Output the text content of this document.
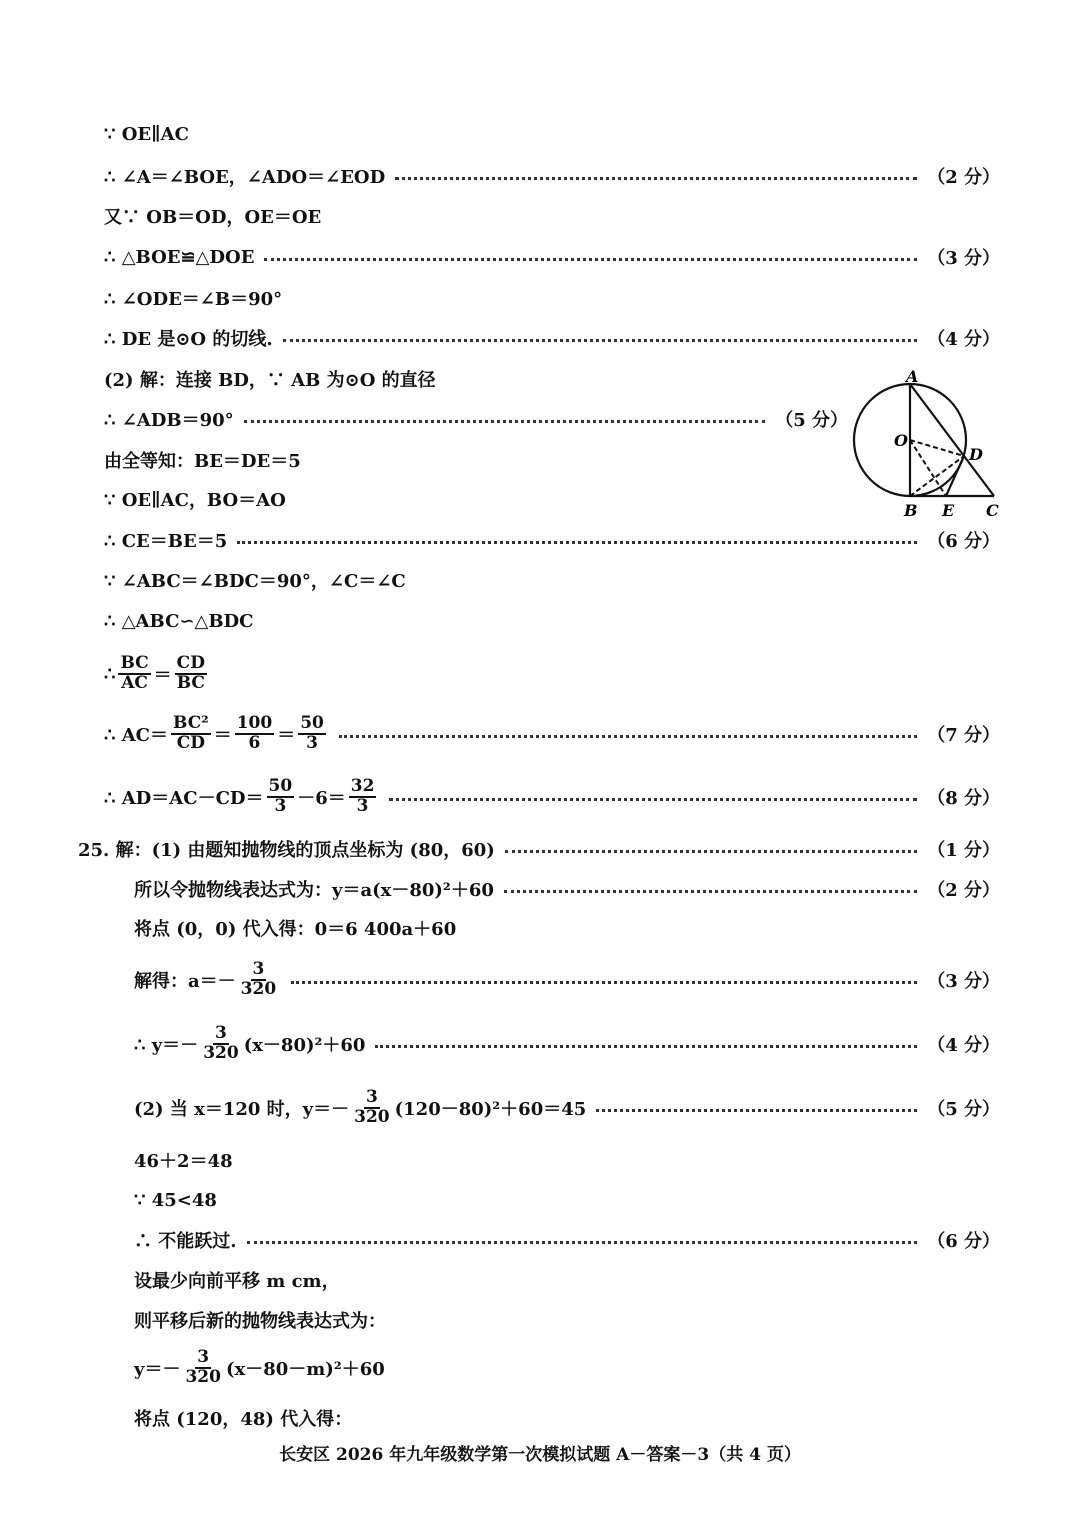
∵ OE∥AC
∴ ∠A＝∠BOE，∠ADO＝∠EOD	（2 分）
又∵ OB＝OD，OE＝OE
∴ △BOE≌△DOE	（3 分）
∴ ∠ODE＝∠B＝90°
∴ DE 是⊙O 的切线.	（4 分）
(2) 解：连接 BD，∵ AB 为⊙O 的直径
∴ ∠ADB＝90°	（5 分）
由全等知：BE＝DE＝5
∵ OE∥AC，BO＝AO
∴ CE＝BE＝5	（6 分）
∵ ∠ABC＝∠BDC＝90°，∠C＝∠C
∴ △ABC∽△BDC
∴ $\frac{BC}{AC} = \frac{CD}{BC}$
∴ $AC= \frac{\text{BC²}}{CD} = \frac{100}{6} = \frac{50}{3}$	（7 分）
∴ $AD=AC-CD= \frac{50}{3} -6= \frac{32}{3}$	（8 分）
25. 解：(1) 由题知抛物线的顶点坐标为 (80，60)	（1 分）
所以令抛物线表达式为：y＝a(x－80)²＋60	（2 分）
将点 (0，0) 代入得：0＝6 400a＋60
解得：$a=- \frac{3}{320}$	（3 分）
∴ $y=- \frac{3}{320} (x-80)^2+60$	（4 分）
(2) 当 x＝120 时，$y=- \frac{3}{320} (120-80)^2+60=45$	（5 分）
46＋2＝48
∵ 45<48
∴ 不能跃过.	（6 分）
设最少向前平移 m cm，
则平移后新的抛物线表达式为：
$y=- \frac{3}{320} (x-80-m)^2+60$
将点 (120，48) 代入得：
A
O
D
B E C
长安区 2026 年九年级数学第一次模拟试题 A－答案－3（共 4 页）
